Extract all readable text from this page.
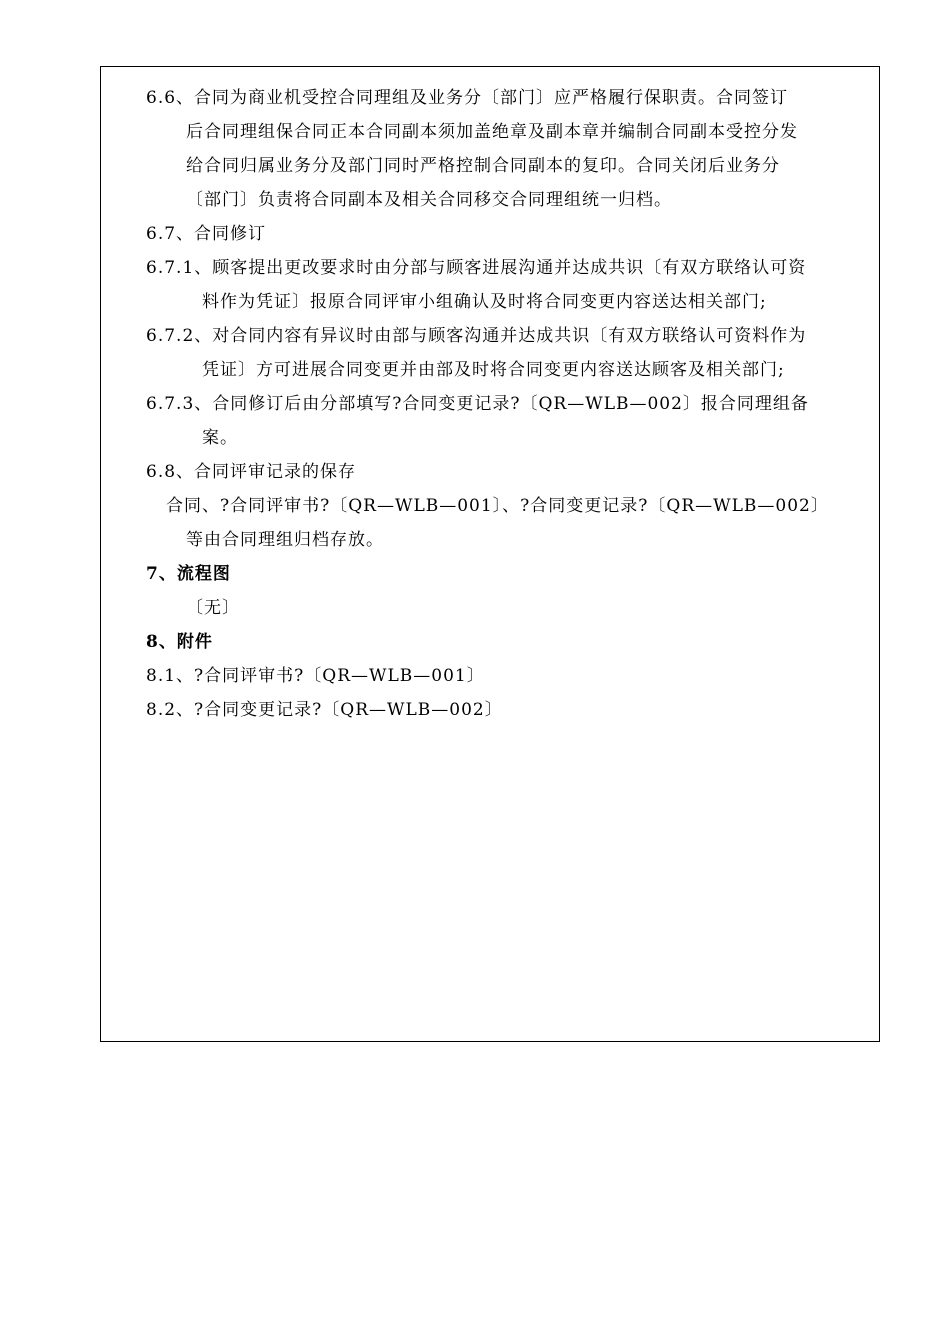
6.6、合同为商业机受控合同理组及业务分〔部门〕应严格履行保职责。合同签订
后合同理组保合同正本合同副本须加盖绝章及副本章并编制合同副本受控分发
给合同归属业务分及部门同时严格控制合同副本的复印。合同关闭后业务分
〔部门〕负责将合同副本及相关合同移交合同理组统一归档。
6.7、合同修订
6.7.1、顾客提出更改要求时由分部与顾客进展沟通并达成共识〔有双方联络认可资
料作为凭证〕报原合同评审小组确认及时将合同变更内容送达相关部门;
6.7.2、对合同内容有异议时由部与顾客沟通并达成共识〔有双方联络认可资料作为
凭证〕方可进展合同变更并由部及时将合同变更内容送达顾客及相关部门;
6.7.3、合同修订后由分部填写?合同变更记录?〔QR—WLB—002〕报合同理组备
案。
6.8、合同评审记录的保存
合同、?合同评审书?〔QR—WLB—001〕、?合同变更记录?〔QR—WLB—002〕
等由合同理组归档存放。
7、流程图
〔无〕
8、附件
8.1、?合同评审书?〔QR—WLB—001〕
8.2、?合同变更记录?〔QR—WLB—002〕
